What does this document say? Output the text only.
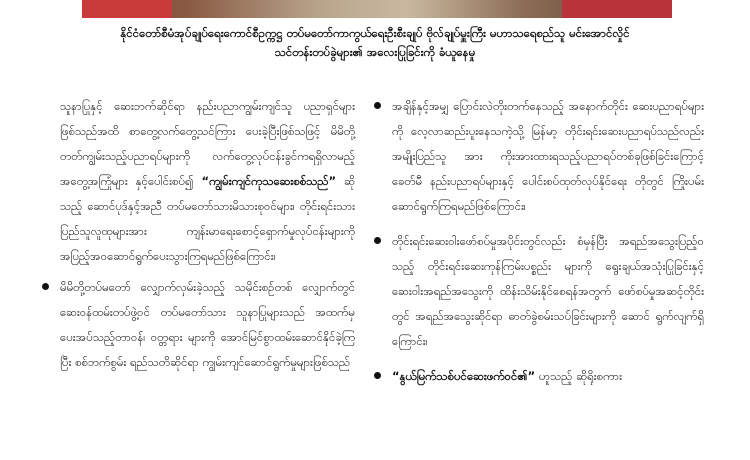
နိုင်ငံတော်စီမံအုပ်ချုပ်ရေးကောင်စီဥက္ကဋ္ဌ တပ်မတော်ကာကွယ်ရေးဦးစီးချုပ် ဗိုလ်ချုပ်မှူးကြီး မဟာသရေစည်သူ မင်းအောင်လှိုင်
သင်တန်းတပ်ခွဲများ၏ အလေးပြုခြင်းကို ခံယူနေမှု
သူနာပြုနှင့် ဆေးဘက်ဆိုင်ရာ နည်းပညာကျွမ်းကျင်သူ ပညာရှင်များဖြစ်သည်အထိ စာတွေ့လက်တွေ့သင်ကြား ပေးခဲ့ပြီးဖြစ်သဖြင့် မိမိတို့ တတ်ကျွမ်းသည့်ပညာရပ်များကို လက်တွေ့လုပ်ငန်းခွင်ကရရှိလာမည့် အတွေ့အကြုံများ နှင့်ပေါင်းစပ်၍ “ကျွမ်းကျင်ကုသဆေးစစ်သည်” ဆိုသည့် ဆောင်ပုဒ်နှင့်အညီ တပ်မတော်သားမိသားစုဝင်များ၊ တိုင်းရင်းသား ပြည်သူလူထုများအား ကျန်းမာရေးစောင့်ရှောက်မှုလုပ်ငန်းများကို အပြည့်အဝဆောင်ရွက်ပေးသွားကြရမည်ဖြစ်ကြောင်း၊
မိမိတို့တပ်မတော် လျှောက်လှမ်းခဲ့သည့် သမိုင်းစဉ်တစ် လျှောက်တွင် ဆေးဝန်ထမ်းတပ်ဖွဲ့ဝင် တပ်မတော်သား သူနာပြုများသည် အထက်မှပေးအပ်သည့်တာဝန်၊ ဝတ္တရား များကို အောင်မြင်စွာထမ်းဆောင်နိုင်ခဲ့ကြပြီး စစ်ဘက်စွမ်း ရည်သတိဆိုင်ရာ ကျွမ်းကျင်ဆောင်ရွက်မှုများဖြစ်သည်
အချိန်နှင့်အမျှ ပြောင်းလဲတိုးတက်နေသည့် အနောက်တိုင်း ဆေးပညာရပ်များကို လေ့လာဆည်းပူးနေသကဲ့သို့ မြန်မာ့ တိုင်းရင်းဆေးပညာရပ်သည်လည်း အမျိုးပြည်သူ အား ကိုးအားထားရသည့်ပညာရပ်တစ်ခုဖြစ်ခြင်းကြောင့် ခေတ်မီ နည်းပညာရပ်များနှင့် ပေါင်းစပ်ထုတ်လုပ်နိုင်ရေး တိုတွင် ကြိုးပမ်းဆောင်ရွက်ကြရမည်ဖြစ်ကြောင်း၊
တိုင်းရင်းဆေးဝါးဖော်စပ်မှုအပိုင်းတွင်လည်း စံမှန်ပြီး အရည်အသွေးပြည့်ဝသည့် တိုင်းရင်းဆေးကုန်ကြမ်းပစ္စည်း များကို ရွေးချယ်အသုံးပြုခြင်းနှင့် ဆေးဝါးအရည်အသွေးကို ထိန်းသိမ်းနိုင်စေရန်အတွက် ဖော်စပ်မှုအဆင့်တိုင်းတွင် အရည်အသွေးဆိုင်ရာ ဓာတ်ခွဲစမ်းသပ်ခြင်းများကို ဆောင် ရွက်လျက်ရှိကြောင်း၊
“နွယ်မြက်သစ်ပင်ဆေးဖက်ဝင်၏” ဟူသည့် ဆိုရိုးစကား
